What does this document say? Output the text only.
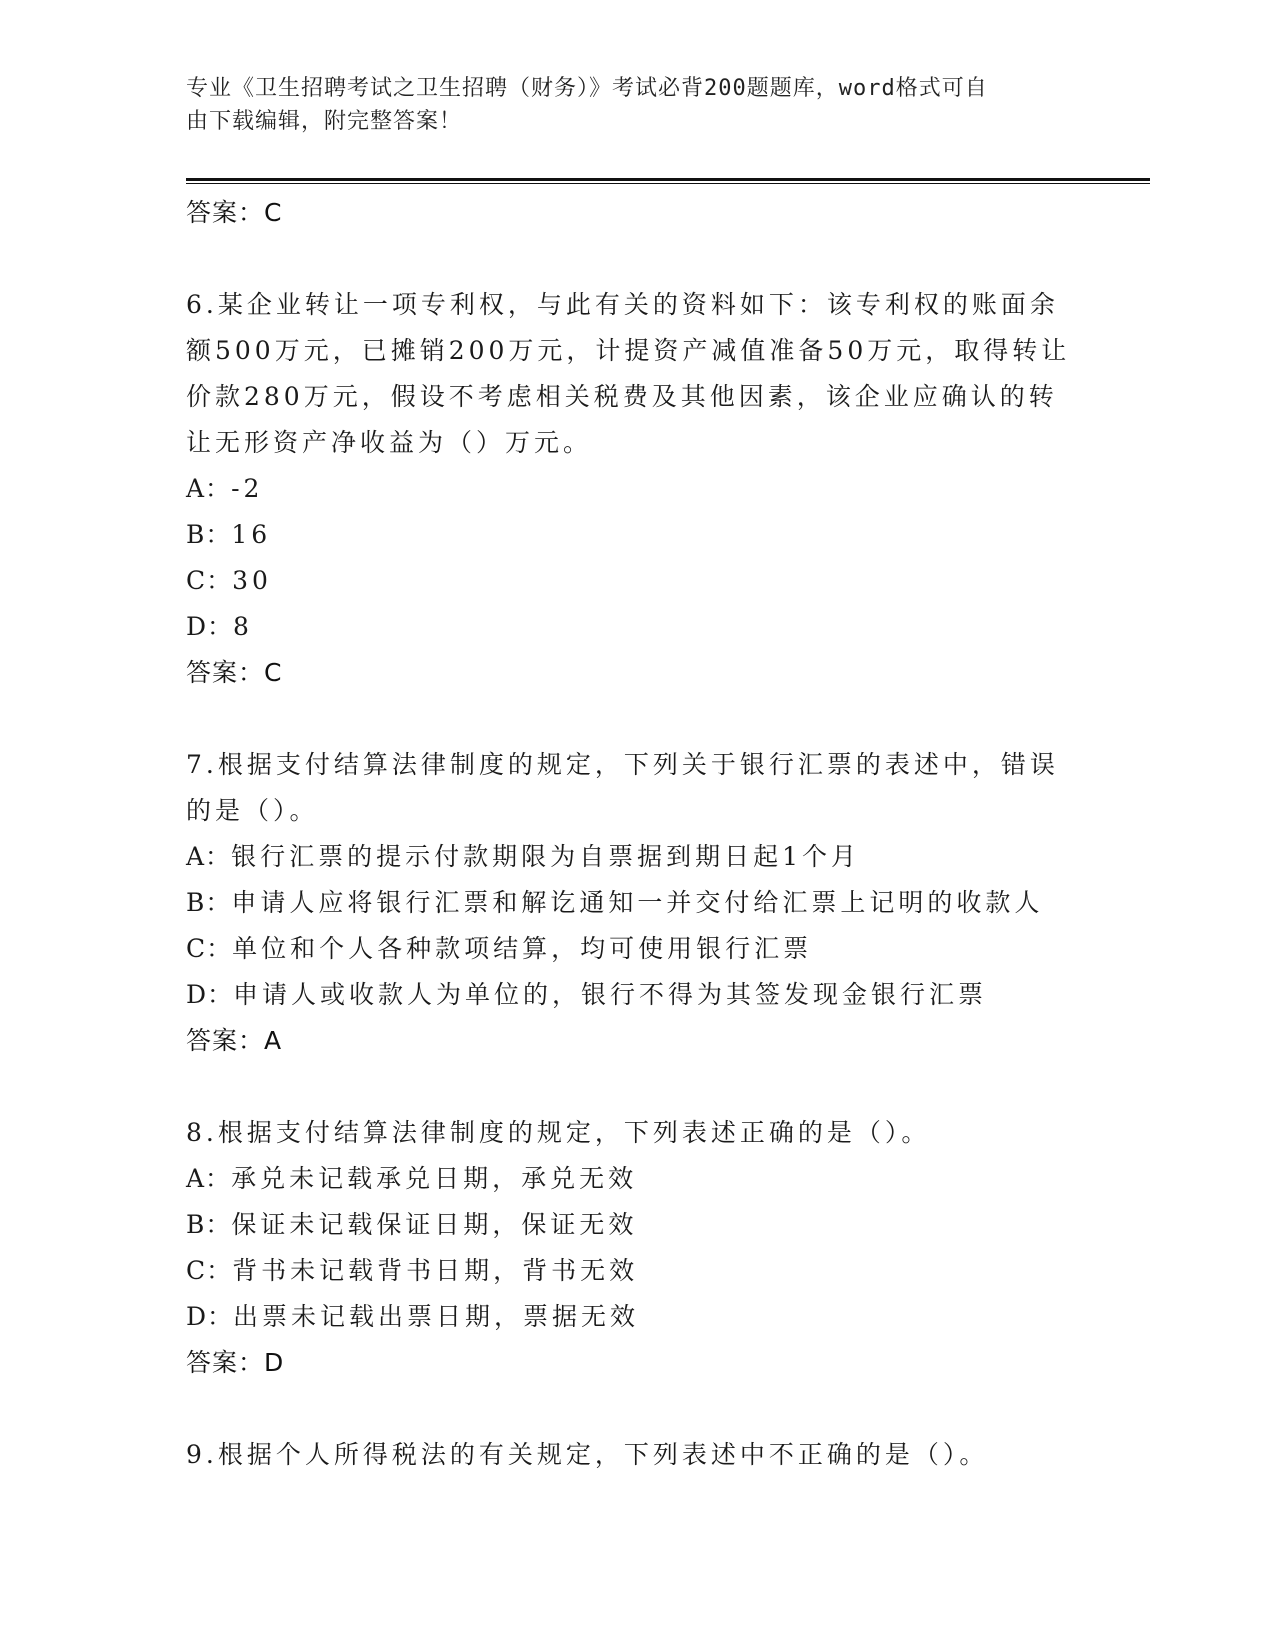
专业《卫生招聘考试之卫生招聘（财务）》考试必背200题题库，word格式可自
由下载编辑，附完整答案！
答案：C
6.某企业转让一项专利权，与此有关的资料如下：该专利权的账面余
额500万元，已摊销200万元，计提资产减值准备50万元，取得转让
价款280万元，假设不考虑相关税费及其他因素，该企业应确认的转
让无形资产净收益为（）万元。
A：-2
B：16
C：30
D：8
答案：C
7.根据支付结算法律制度的规定，下列关于银行汇票的表述中，错误
的是（）。
A：银行汇票的提示付款期限为自票据到期日起1个月
B：申请人应将银行汇票和解讫通知一并交付给汇票上记明的收款人
C：单位和个人各种款项结算，均可使用银行汇票
D：申请人或收款人为单位的，银行不得为其签发现金银行汇票
答案：A
8.根据支付结算法律制度的规定，下列表述正确的是（）。
A：承兑未记载承兑日期，承兑无效
B：保证未记载保证日期，保证无效
C：背书未记载背书日期，背书无效
D：出票未记载出票日期，票据无效
答案：D
9.根据个人所得税法的有关规定，下列表述中不正确的是（）。
